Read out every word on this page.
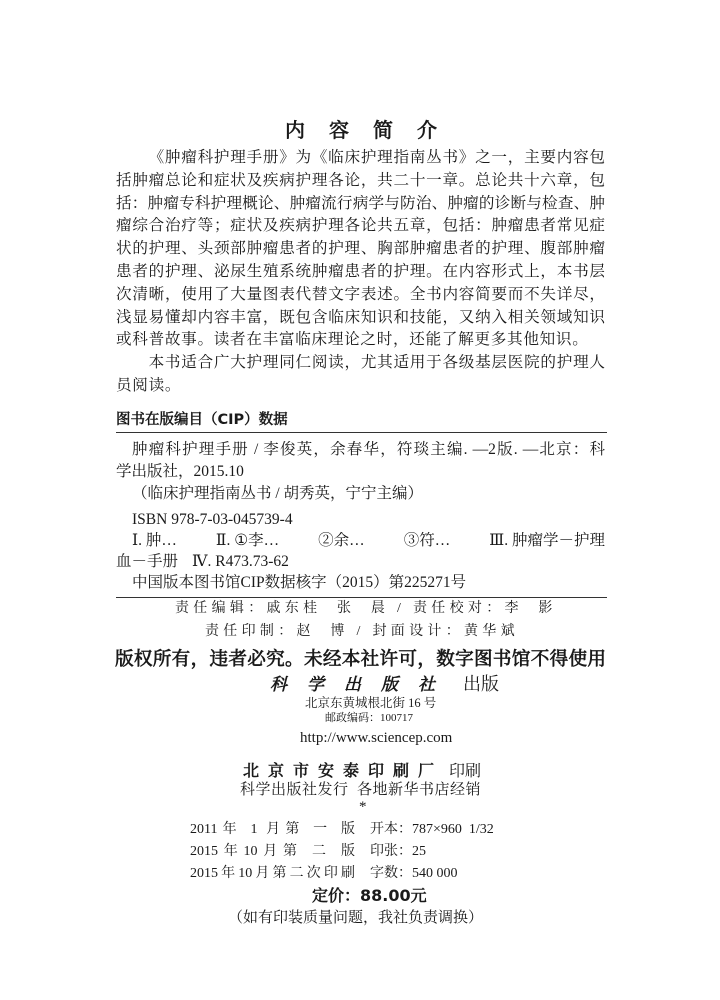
内容简介
《肿瘤科护理手册》为《临床护理指南丛书》之一，主要内容包
括肿瘤总论和症状及疾病护理各论，共二十一章。总论共十六章，包
括：肿瘤专科护理概论、肿瘤流行病学与防治、肿瘤的诊断与检查、肿
瘤综合治疗等；症状及疾病护理各论共五章，包括：肿瘤患者常见症
状的护理、头颈部肿瘤患者的护理、胸部肿瘤患者的护理、腹部肿瘤
患者的护理、泌尿生殖系统肿瘤患者的护理。在内容形式上，本书层
次清晰，使用了大量图表代替文字表述。全书内容简要而不失详尽，
浅显易懂却内容丰富，既包含临床知识和技能，又纳入相关领域知识
或科普故事。读者在丰富临床理论之时，还能了解更多其他知识。
本书适合广大护理同仁阅读，尤其适用于各级基层医院的护理人
员阅读。
图书在版编目（CIP）数据
肿瘤科护理手册 / 李俊英，余春华，符琰主编. —2版. —北京：科
学出版社，2015.10
（临床护理指南丛书 / 胡秀英，宁宁主编）
ISBN 978-7-03-045739-4
Ⅰ. 肿…	Ⅱ. ①李…	②余…	③符…	Ⅲ. 肿瘤学－护理
血－手册 Ⅳ. R473.73-62
中国版本图书馆CIP数据核字（2015）第225271号
责任编辑：戚东桂  张  晨 / 责任校对：李  影
责任印制：赵  博 / 封面设计：黄华斌
版权所有，违者必究。未经本社许可，数字图书馆不得使用
科学出版社 出版
北京东黄城根北街 16 号
邮政编码：100717
http://www.sciencep.com
北京市安泰印刷厂 印刷
科学出版社发行  各地新华书店经销
*
2011年 1 月第 一 版 开本：787×960  1/32
2015年10月第 二 版 印张：25
2015年10月第二次印刷 字数：540 000
定价：88.00元
（如有印装质量问题，我社负责调换）
